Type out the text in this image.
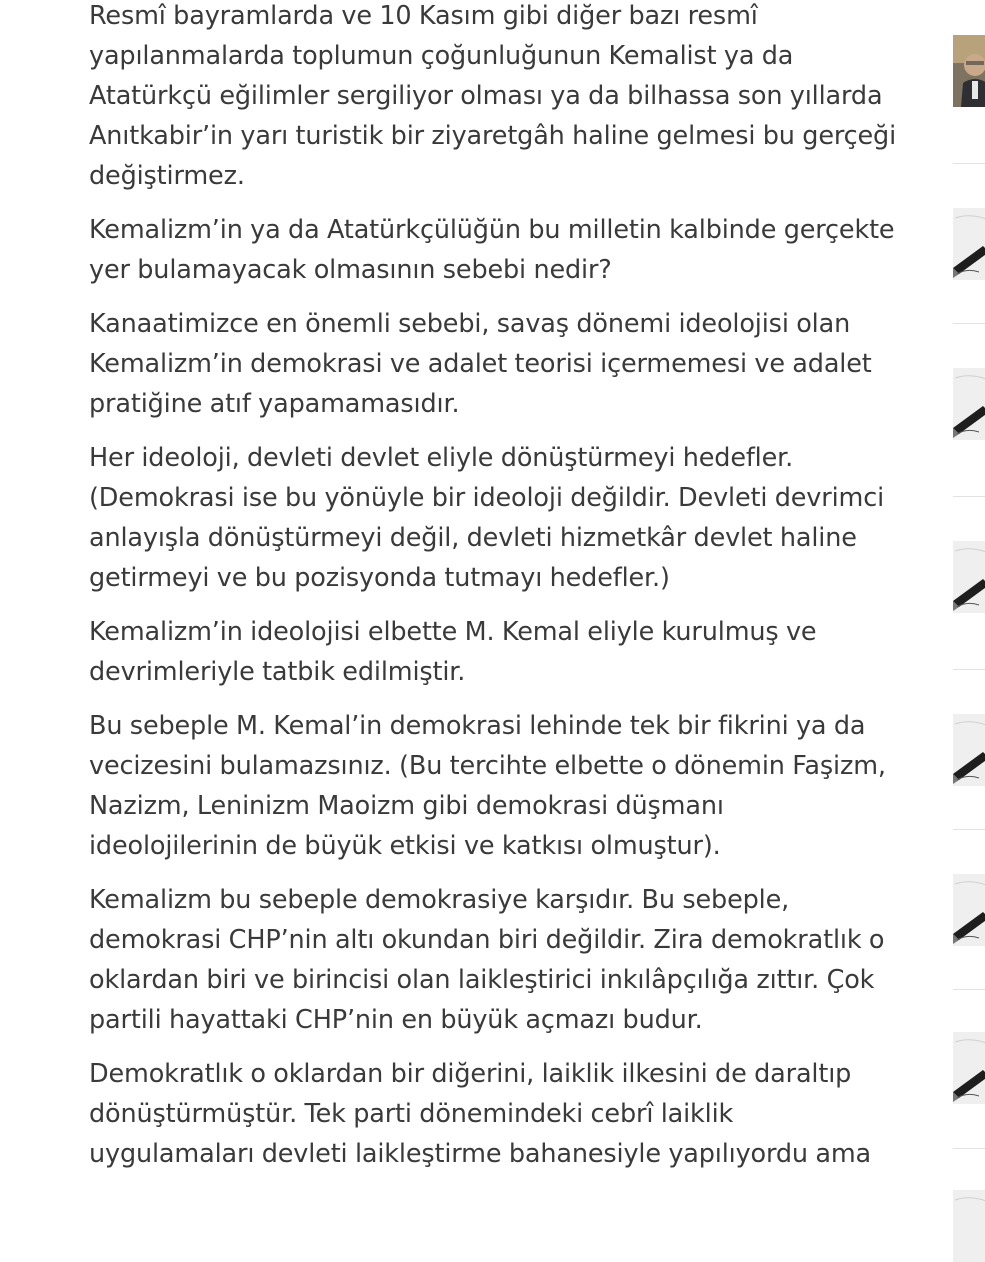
Resmî bayramlarda ve 10 Kasım gibi diğer bazı resmî
yapılanmalarda toplumun çoğunluğunun Kemalist ya da
Atatürkçü eğilimler sergiliyor olması ya da bilhassa son yıllarda
Anıtkabir’in yarı turistik bir ziyaretgâh haline gelmesi bu gerçeği
değiştirmez.

Kemalizm’in ya da Atatürkçülüğün bu milletin kalbinde gerçekte
yer bulamayacak olmasının sebebi nedir?

Kanaatimizce en önemli sebebi, savaş dönemi ideolojisi olan
Kemalizm’in demokrasi ve adalet teorisi içermemesi ve adalet
pratiğine atıf yapamamasıdır.

Her ideoloji, devleti devlet eliyle dönüştürmeyi hedefler.
(Demokrasi ise bu yönüyle bir ideoloji değildir. Devleti devrimci
anlayışla dönüştürmeyi değil, devleti hizmetkâr devlet haline
getirmeyi ve bu pozisyonda tutmayı hedefler.)

Kemalizm’in ideolojisi elbette M. Kemal eliyle kurulmuş ve
devrimleriyle tatbik edilmiştir.

Bu sebeple M. Kemal’in demokrasi lehinde tek bir fikrini ya da
vecizesini bulamazsınız. (Bu tercihte elbette o dönemin Faşizm,
Nazizm, Leninizm Maoizm gibi demokrasi düşmanı
ideolojilerinin de büyük etkisi ve katkısı olmuştur).

Kemalizm bu sebeple demokrasiye karşıdır. Bu sebeple,
demokrasi CHP’nin altı okundan biri değildir. Zira demokratlık o
oklardan biri ve birincisi olan laikleştirici inkılâpçılığa zıttır. Çok
partili hayattaki CHP’nin en büyük açmazı budur.

Demokratlık o oklardan bir diğerini, laiklik ilkesini de daraltıp
dönüştürmüştür. Tek parti dönemindeki cebrî laiklik
uygulamaları devleti laikleştirme bahanesiyle yapılıyordu ama
